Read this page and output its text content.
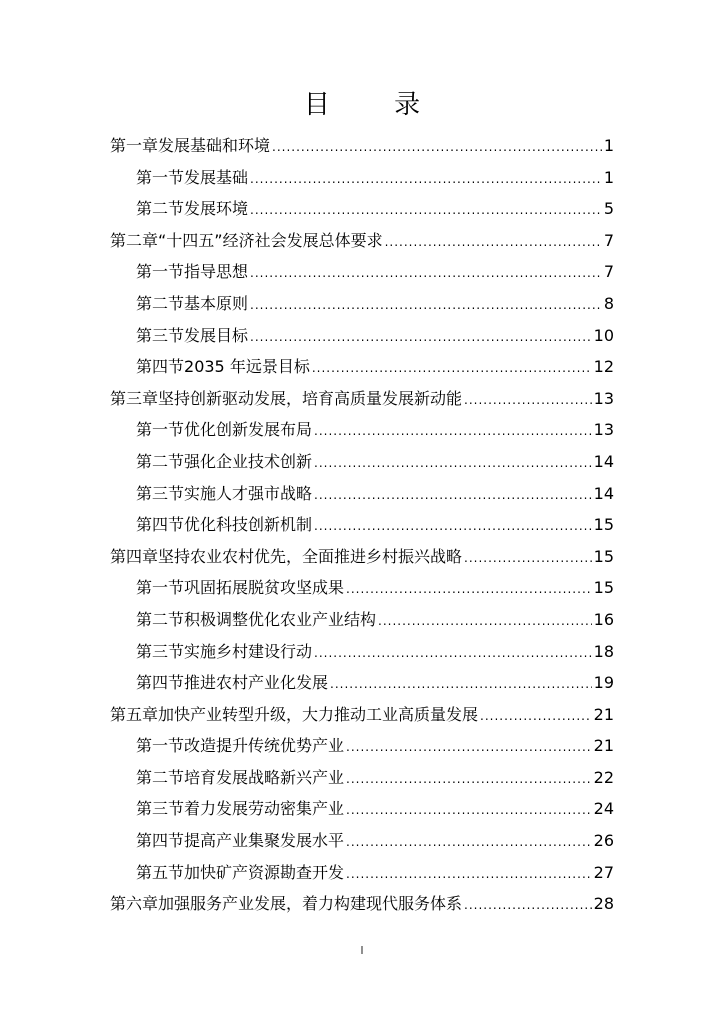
目 录
第一章 发展基础和环境 .....	1
第一节 发展基础 .....	1
第二节 发展环境 .....	5
第二章 “十四五”经济社会发展总体要求 .....	7
第一节 指导思想 .....	7
第二节 基本原则 .....	8
第三节 发展目标 .....	10
第四节 2035 年远景目标 .....	12
第三章 坚持创新驱动发展，培育高质量发展新动能 .....	13
第一节 优化创新发展布局 .....	13
第二节 强化企业技术创新 .....	14
第三节 实施人才强市战略 .....	14
第四节 优化科技创新机制 .....	15
第四章 坚持农业农村优先，全面推进乡村振兴战略 .....	15
第一节 巩固拓展脱贫攻坚成果 .....	15
第二节 积极调整优化农业产业结构 .....	16
第三节 实施乡村建设行动 .....	18
第四节 推进农村产业化发展 .....	19
第五章 加快产业转型升级，大力推动工业高质量发展 .....	21
第一节 改造提升传统优势产业 .....	21
第二节 培育发展战略新兴产业 .....	22
第三节 着力发展劳动密集产业 .....	24
第四节 提高产业集聚发展水平 .....	26
第五节 加快矿产资源勘查开发 .....	27
第六章 加强服务产业发展，着力构建现代服务体系 .....	28
I
